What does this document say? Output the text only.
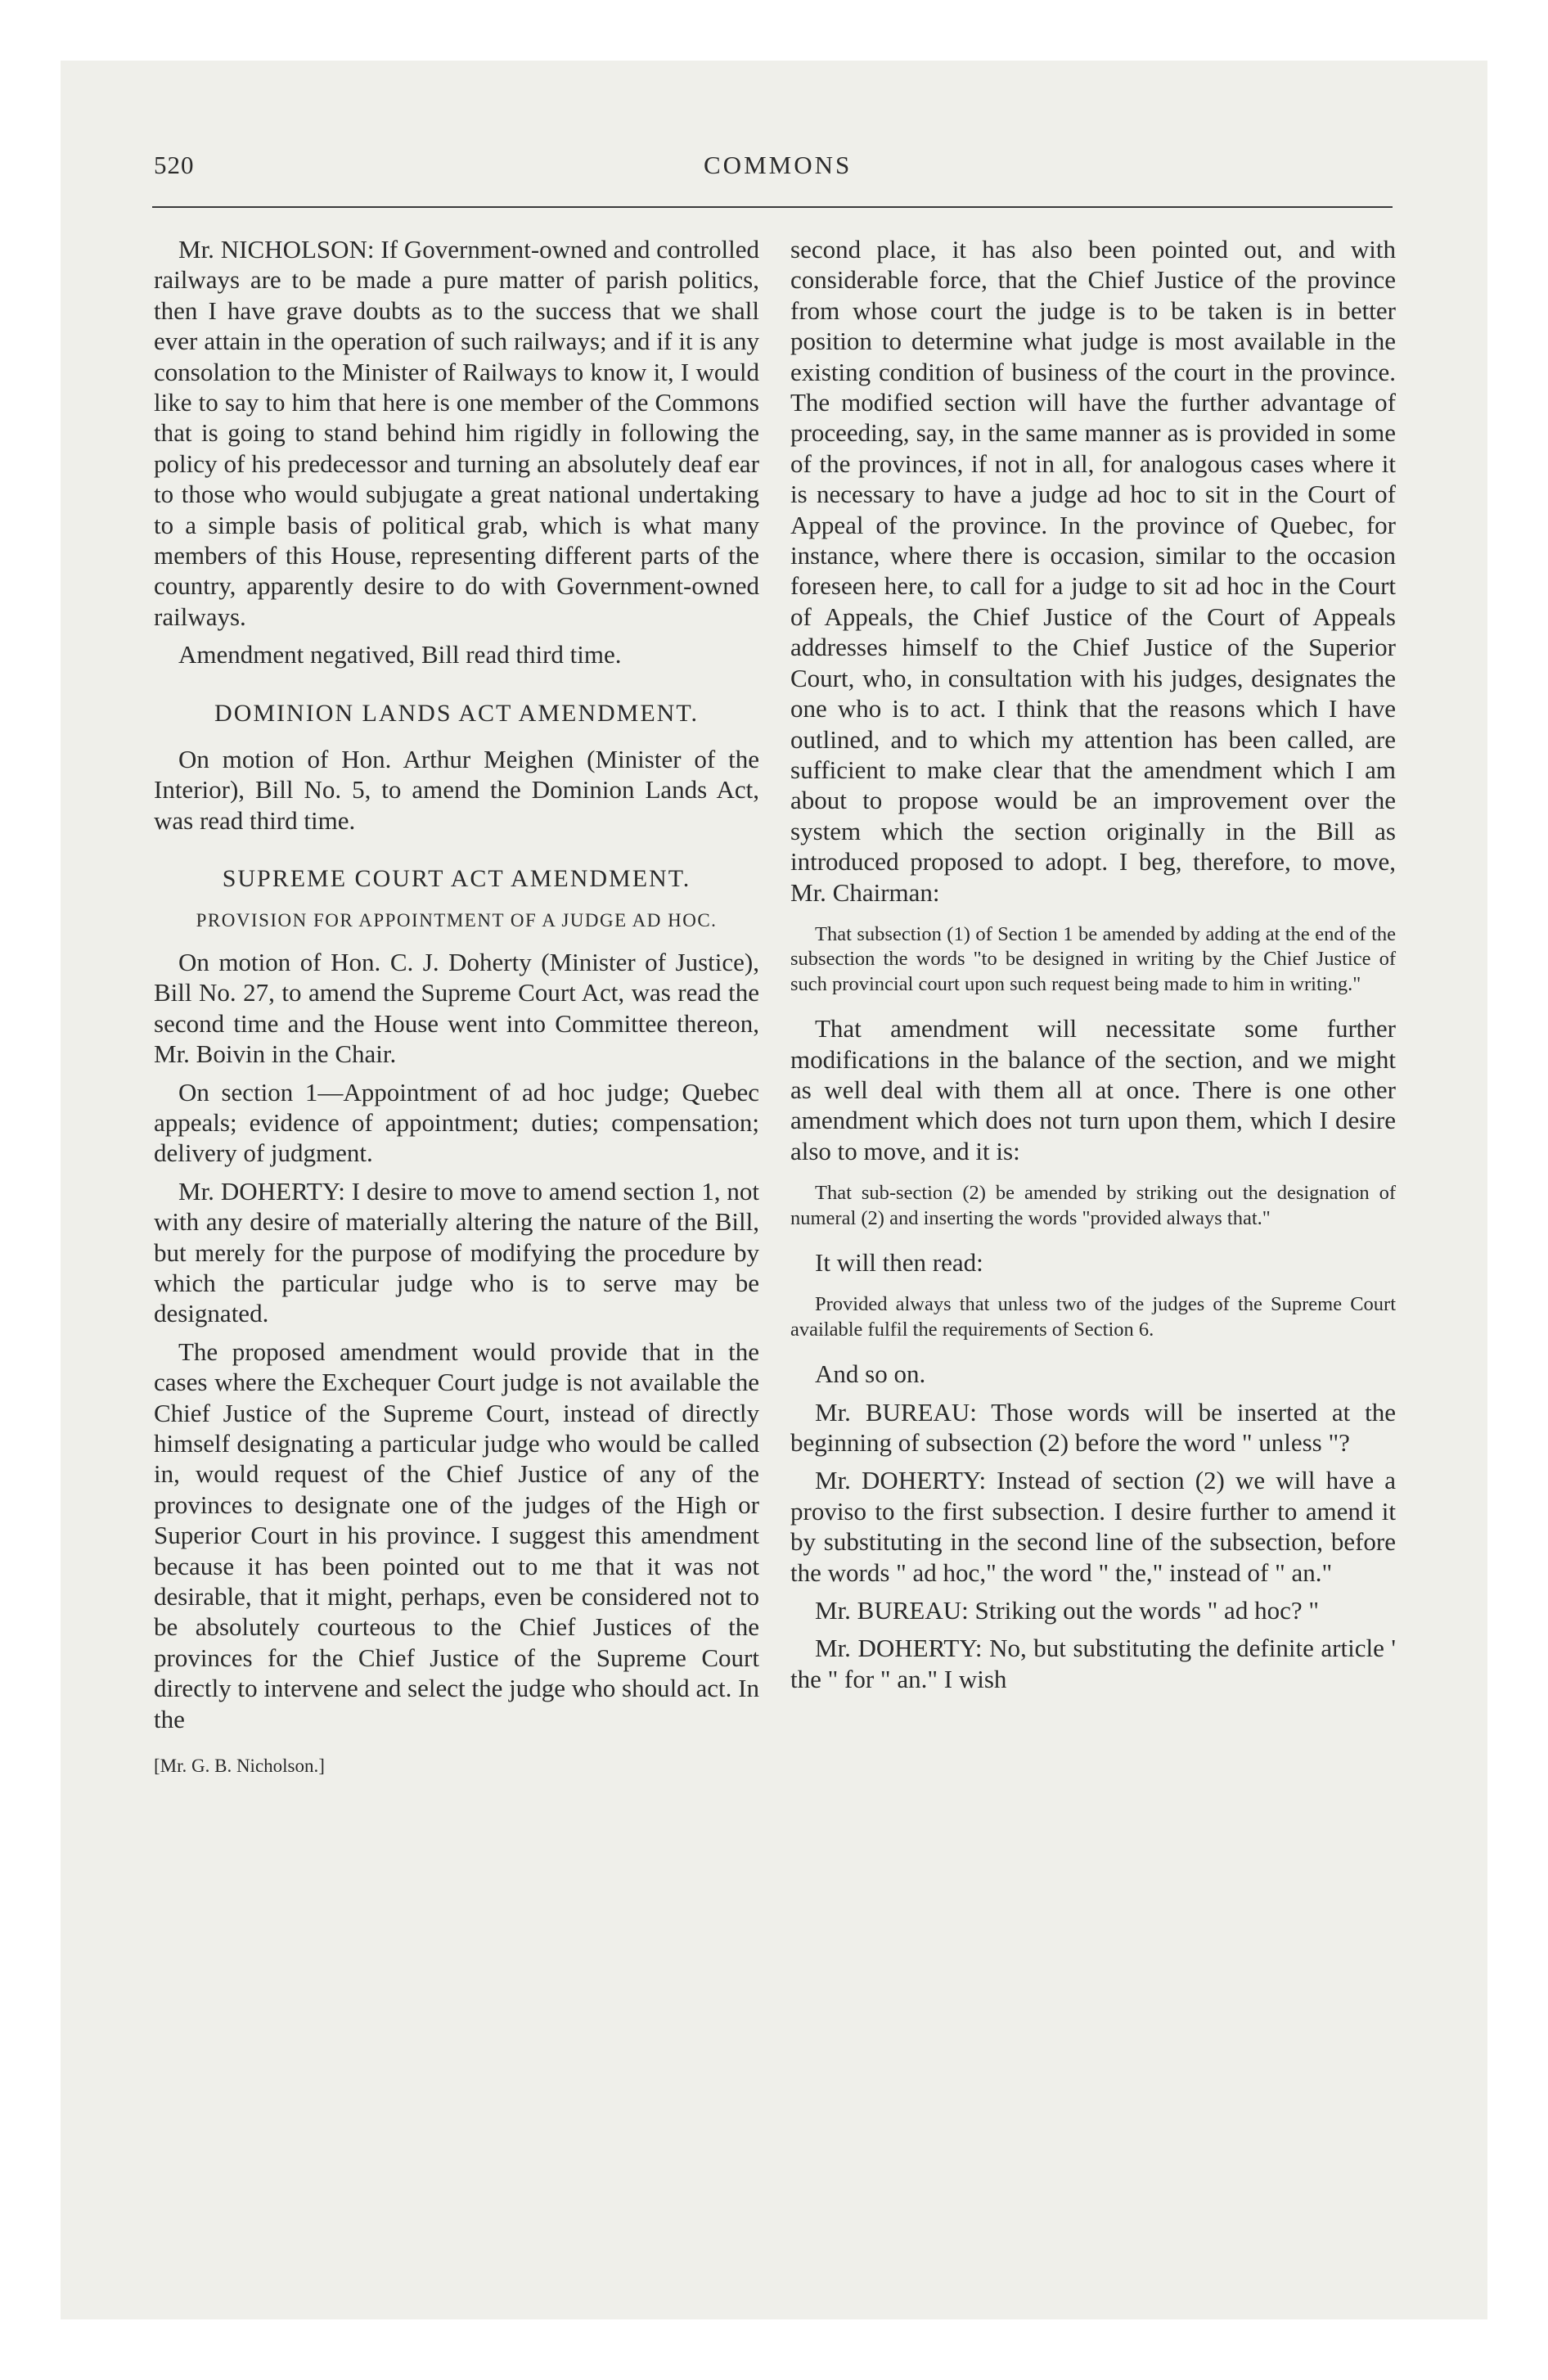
520	COMMONS

Mr. NICHOLSON: If Government-owned and controlled railways are to be made a pure matter of parish politics, then I have grave doubts as to the success that we shall ever attain in the operation of such railways; and if it is any consolation to the Minister of Railways to know it, I would like to say to him that here is one member of the Commons that is going to stand behind him rigidly in following the policy of his predecessor and turning an absolutely deaf ear to those who would subjugate a great national undertaking to a simple basis of political grab, which is what many members of this House, representing different parts of the country, apparently desire to do with Government-owned railways.

Amendment negatived, Bill read third time.

DOMINION LANDS ACT AMENDMENT.

On motion of Hon. Arthur Meighen (Minister of the Interior), Bill No. 5, to amend the Dominion Lands Act, was read third time.

SUPREME COURT ACT AMENDMENT.
PROVISION FOR APPOINTMENT OF A JUDGE AD HOC.

On motion of Hon. C. J. Doherty (Minister of Justice), Bill No. 27, to amend the Supreme Court Act, was read the second time and the House went into Committee thereon, Mr. Boivin in the Chair.

On section 1—Appointment of ad hoc judge; Quebec appeals; evidence of appointment; duties; compensation; delivery of judgment.

Mr. DOHERTY: I desire to move to amend section 1, not with any desire of materially altering the nature of the Bill, but merely for the purpose of modifying the procedure by which the particular judge who is to serve may be designated.

The proposed amendment would provide that in the cases where the Exchequer Court judge is not available the Chief Justice of the Supreme Court, instead of directly himself designating a particular judge who would be called in, would request of the Chief Justice of any of the provinces to designate one of the judges of the High or Superior Court in his province. I suggest this amendment because it has been pointed out to me that it was not desirable, that it might, perhaps, even be considered not to be absolutely courteous to the Chief Justices of the provinces for the Chief Justice of the Supreme Court directly to intervene and select the judge who should act. In the

[Mr. G. B. Nicholson.]

second place, it has also been pointed out, and with considerable force, that the Chief Justice of the province from whose court the judge is to be taken is in better position to determine what judge is most available in the existing condition of business of the court in the province. The modified section will have the further advantage of proceeding, say, in the same manner as is provided in some of the provinces, if not in all, for analogous cases where it is necessary to have a judge ad hoc to sit in the Court of Appeal of the province. In the province of Quebec, for instance, where there is occasion, similar to the occasion foreseen here, to call for a judge to sit ad hoc in the Court of Appeals, the Chief Justice of the Court of Appeals addresses himself to the Chief Justice of the Superior Court, who, in consultation with his judges, designates the one who is to act. I think that the reasons which I have outlined, and to which my attention has been called, are sufficient to make clear that the amendment which I am about to propose would be an improvement over the system which the section originally in the Bill as introduced proposed to adopt. I beg, therefore, to move, Mr. Chairman:

That subsection (1) of Section 1 be amended by adding at the end of the subsection the words "to be designed in writing by the Chief Justice of such provincial court upon such request being made to him in writing."

That amendment will necessitate some further modifications in the balance of the section, and we might as well deal with them all at once. There is one other amendment which does not turn upon them, which I desire also to move, and it is:

That sub-section (2) be amended by striking out the designation of numeral (2) and inserting the words "provided always that."

It will then read:

Provided always that unless two of the judges of the Supreme Court available fulfil the requirements of Section 6.

And so on.

Mr. BUREAU: Those words will be inserted at the beginning of subsection (2) before the word " unless "?

Mr. DOHERTY: Instead of section (2) we will have a proviso to the first subsection. I desire further to amend it by substituting in the second line of the subsection, before the words " ad hoc," the word " the," instead of " an."

Mr. BUREAU: Striking out the words " ad hoc? "

Mr. DOHERTY: No, but substituting the definite article ' the " for " an." I wish
